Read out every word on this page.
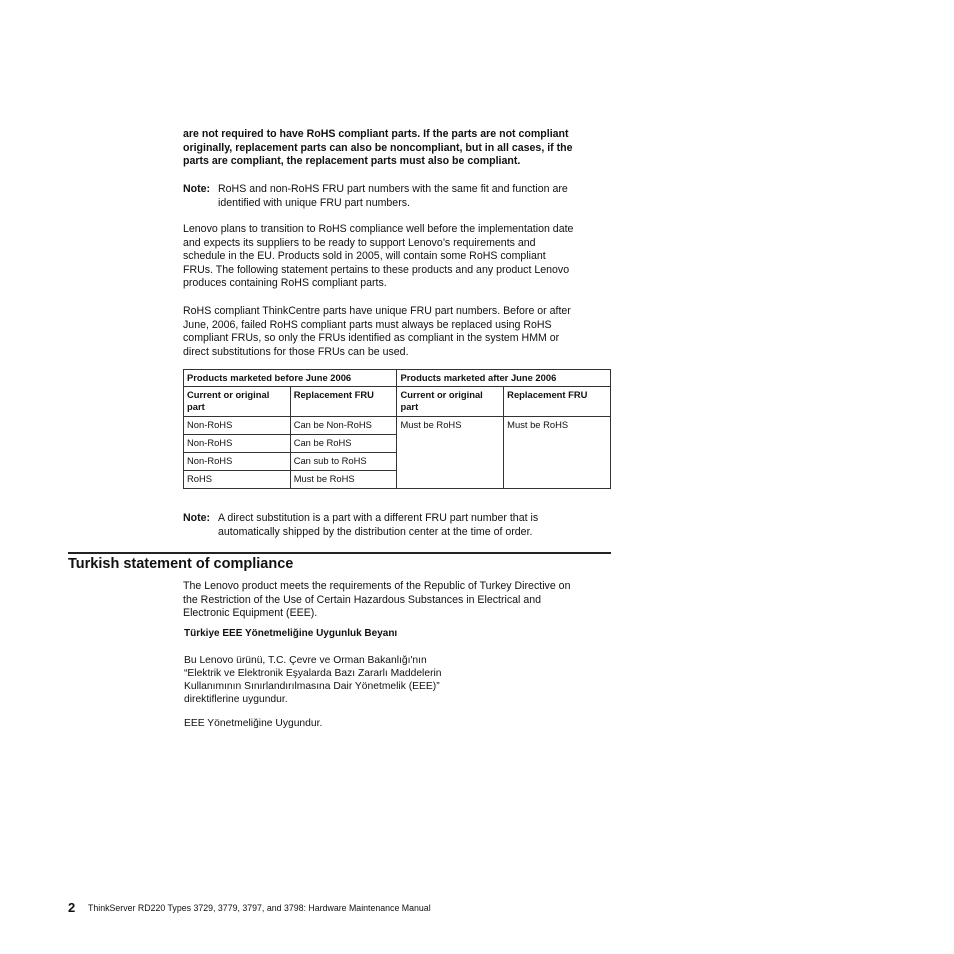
are not required to have RoHS compliant parts. If the parts are not compliant
originally, replacement parts can also be noncompliant, but in all cases, if the
parts are compliant, the replacement parts must also be compliant.
Note: RoHS and non-RoHS FRU part numbers with the same fit and function are
identified with unique FRU part numbers.
Lenovo plans to transition to RoHS compliance well before the implementation date
and expects its suppliers to be ready to support Lenovo’s requirements and
schedule in the EU. Products sold in 2005, will contain some RoHS compliant
FRUs. The following statement pertains to these products and any product Lenovo
produces containing RoHS compliant parts.
RoHS compliant ThinkCentre parts have unique FRU part numbers. Before or after
June, 2006, failed RoHS compliant parts must always be replaced using RoHS
compliant FRUs, so only the FRUs identified as compliant in the system HMM or
direct substitutions for those FRUs can be used.
Products marketed before June 2006		Products marketed after June 2006	
Current or original part	Replacement FRU	Current or original part	Replacement FRU
Non-RoHS	Can be Non-RoHS	Must be RoHS	Must be RoHS
Non-RoHS	Can be RoHS		
Non-RoHS	Can sub to RoHS		
RoHS	Must be RoHS		
Note: A direct substitution is a part with a different FRU part number that is
automatically shipped by the distribution center at the time of order.
Turkish statement of compliance
The Lenovo product meets the requirements of the Republic of Turkey Directive on
the Restriction of the Use of Certain Hazardous Substances in Electrical and
Electronic Equipment (EEE).
Türkiye EEE Yönetmeliğine Uygunluk Beyanı
Bu Lenovo ürünü, T.C. Çevre ve Orman Bakanlığı'nın
“Elektrik ve Elektronik Eşyalarda Bazı Zararlı Maddelerin
Kullanımının Sınırlandırılmasına Dair Yönetmelik (EEE)”
direktiflerine uygundur.
EEE Yönetmeliğine Uygundur.
2 ThinkServer RD220 Types 3729, 3779, 3797, and 3798: Hardware Maintenance Manual
